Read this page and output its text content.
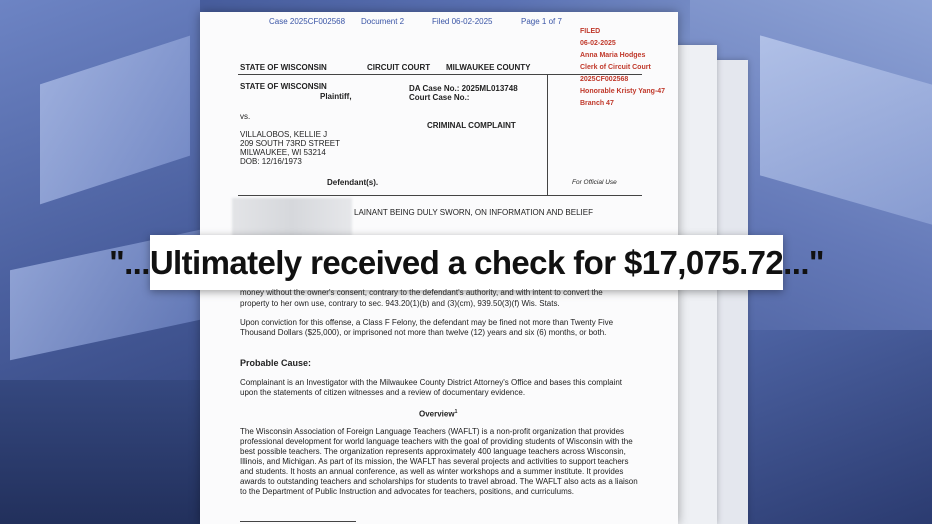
Case 2025CF002568 Document 2	Filed 06-02-2025	Page 1 of 7
FILED
06-02-2025
Anna Maria Hodges
Clerk of Circuit Court
2025CF002568
Honorable Kristy Yang-47
Branch 47
STATE OF WISCONSIN	CIRCUIT COURT MILWAUKEE COUNTY
STATE OF WISCONSIN
Plaintiff,
DA Case No.: 2025ML013748
Court Case No.:
vs.
CRIMINAL COMPLAINT
VILLALOBOS, KELLIE J
209 SOUTH 73RD STREET
MILWAUKEE, WI 53214
DOB: 12/16/1973
Defendant(s).	For Official Use
LAINANT BEING DULY SWORN, ON INFORMATION AND BELIEF
"...Ultimately received a check for $17,075.72..."
money without the owner's consent, contrary to the defendant's authority, and with intent to convert the
property to her own use, contrary to sec. 943.20(1)(b) and (3)(cm), 939.50(3)(f) Wis. Stats.
Upon conviction for this offense, a Class F Felony, the defendant may be fined not more than Twenty Five Thousand Dollars ($25,000), or imprisoned not more than twelve (12) years and six (6) months, or both.
Probable Cause:
Complainant is an Investigator with the Milwaukee County District Attorney's Office and bases this complaint upon the statements of citizen witnesses and a review of documentary evidence.
Overview$^1$
The Wisconsin Association of Foreign Language Teachers (WAFLT) is a non-profit organization that provides professional development for world language teachers with the goal of providing students of Wisconsin with the best possible teachers. The organization represents approximately 400 language teachers across Wisconsin, Illinois, and Michigan. As part of its mission, the WAFLT has several projects and activities to support teachers and students. It hosts an annual conference, as well as winter workshops and a summer institute. It provides awards to outstanding teachers and scholarships for students to travel abroad. The WAFLT also acts as a liaison to the Department of Public Instruction and advocates for teachers, positions, and curriculums.
